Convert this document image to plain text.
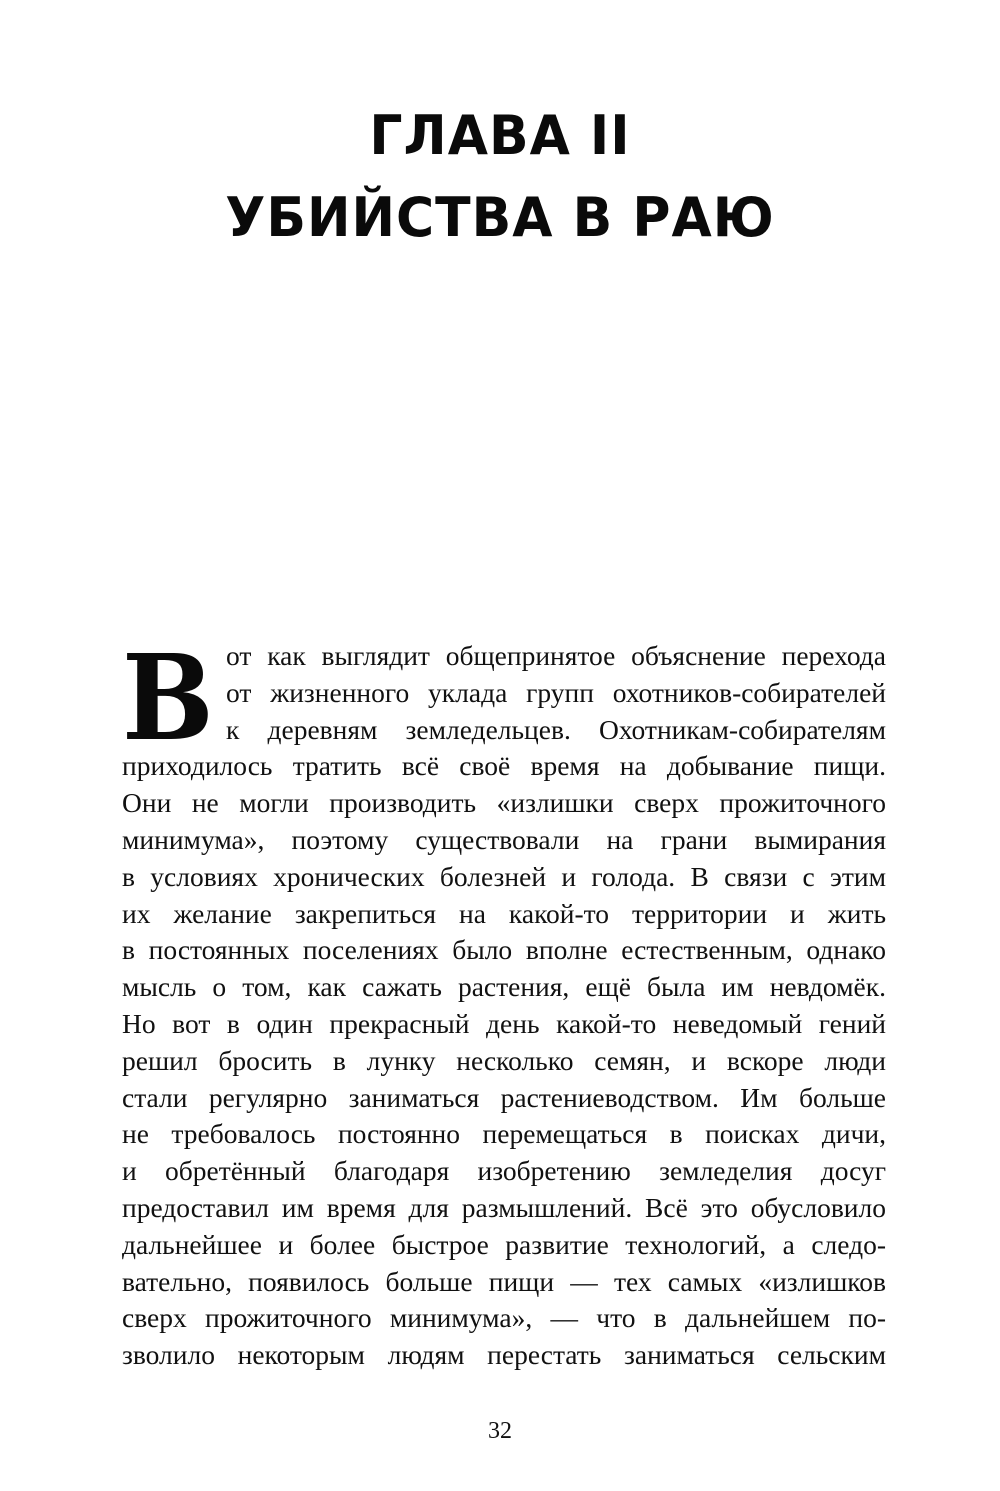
ГЛАВА II
УБИЙСТВА В РАЮ
В от как выглядит общепринятое объяснение перехода
от жизненного уклада групп охотников-собирателей
к деревням земледельцев. Охотникам-собирателям
приходилось тратить всё своё время на добывание пищи.
Они не могли производить «излишки сверх прожиточного
минимума», поэтому существовали на грани вымирания
в условиях хронических болезней и голода. В связи с этим
их желание закрепиться на какой-то территории и жить
в постоянных поселениях было вполне естественным, однако
мысль о том, как сажать растения, ещё была им невдомёк.
Но вот в один прекрасный день какой-то неведомый гений
решил бросить в лунку несколько семян, и вскоре люди
стали регулярно заниматься растениеводством. Им больше
не требовалось постоянно перемещаться в поисках дичи,
и обретённый благодаря изобретению земледелия досуг
предоставил им время для размышлений. Всё это обусловило
дальнейшее и более быстрое развитие технологий, а следо-
вательно, появилось больше пищи — тех самых «излишков
сверх прожиточного минимума», — что в дальнейшем по-
зволило некоторым людям перестать заниматься сельским
32
